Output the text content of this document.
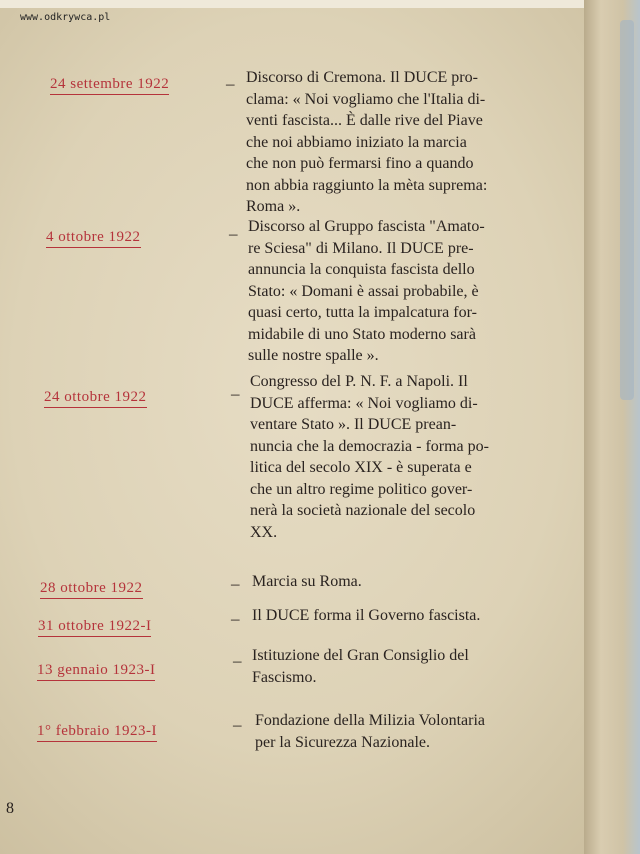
www.odkrywca.pl
24 settembre 1922	– Discorso di Cremona. Il DUCE pro-
clama: « Noi vogliamo che l'Italia di-
venti fascista... È dalle rive del Piave
che noi abbiamo iniziato la marcia
che non può fermarsi fino a quando
non abbia raggiunto la mèta suprema:
Roma ».
4 ottobre 1922	– Discorso al Gruppo fascista "Amato-
re Sciesa" di Milano. Il DUCE pre-
annuncia la conquista fascista dello
Stato: « Domani è assai probabile, è
quasi certo, tutta la impalcatura for-
midabile di uno Stato moderno sarà
sulle nostre spalle ».
24 ottobre 1922	–
Congresso del P. N. F. a Napoli. Il
DUCE afferma: « Noi vogliamo di-
ventare Stato ». Il DUCE prean-
nuncia che la democrazia - forma po-
litica del secolo XIX - è superata e
che un altro regime politico gover-
nerà la società nazionale del secolo
XX.
28 ottobre 1922	– Marcia su Roma.
31 ottobre 1922-I	– Il DUCE forma il Governo fascista.
13 gennaio 1923-I	– Istituzione del Gran Consiglio del
Fascismo.
1° febbraio 1923-I	– Fondazione della Milizia Volontaria
per la Sicurezza Nazionale.
8
